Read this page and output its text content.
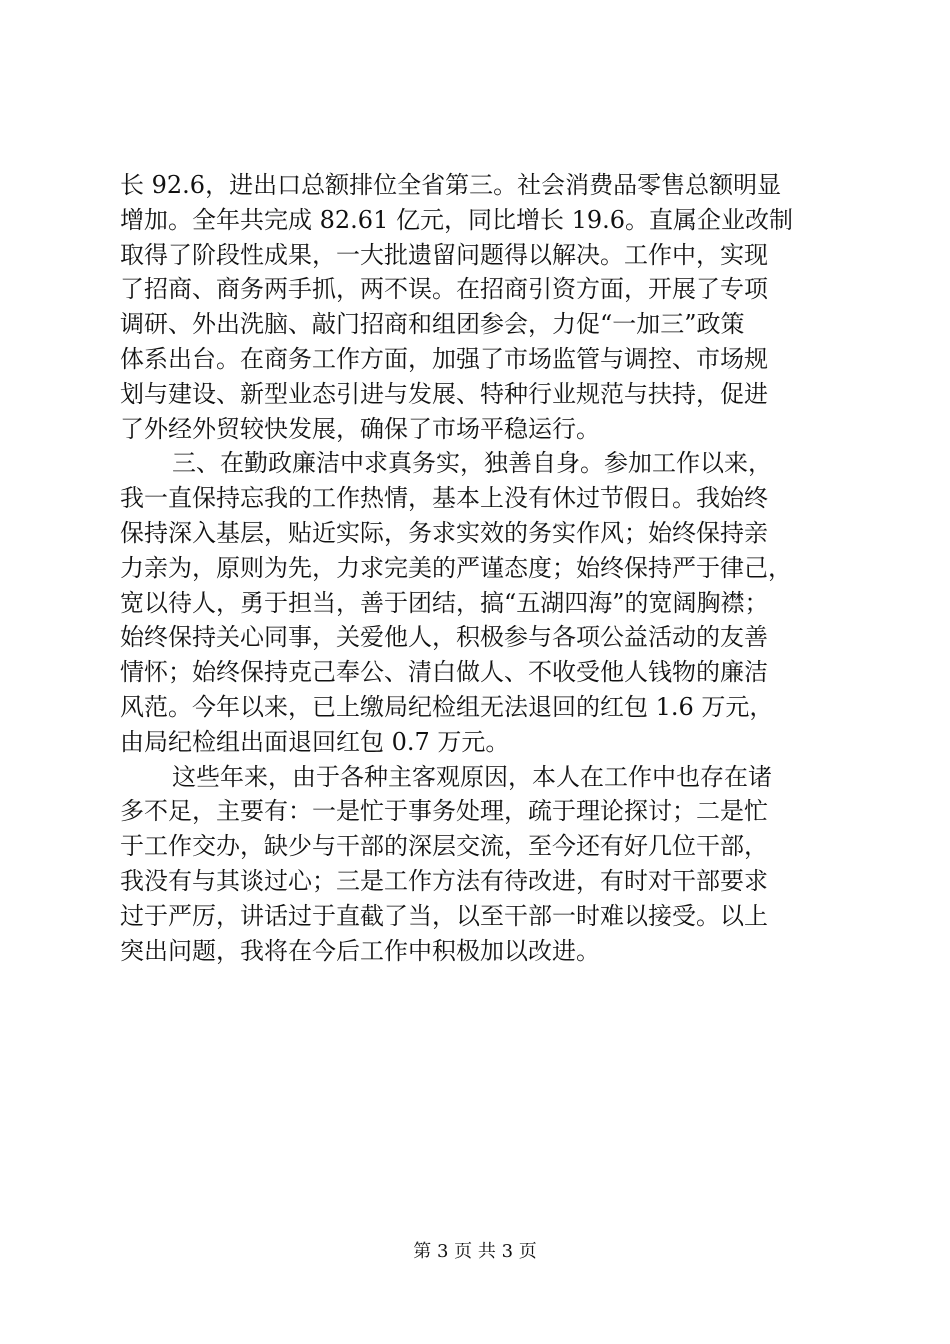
长 92.6，进出口总额排位全省第三。社会消费品零售总额明显
增加。全年共完成 82.61 亿元，同比增长 19.6。直属企业改制
取得了阶段性成果，一大批遗留问题得以解决。工作中，实现
了招商、商务两手抓，两不误。在招商引资方面，开展了专项
调研、外出洗脑、敲门招商和组团参会，力促“一加三”政策
体系出台。在商务工作方面，加强了市场监管与调控、市场规
划与建设、新型业态引进与发展、特种行业规范与扶持，促进
了外经外贸较快发展，确保了市场平稳运行。
三、在勤政廉洁中求真务实，独善自身。参加工作以来，
我一直保持忘我的工作热情，基本上没有休过节假日。我始终
保持深入基层，贴近实际，务求实效的务实作风；始终保持亲
力亲为，原则为先，力求完美的严谨态度；始终保持严于律己，
宽以待人，勇于担当，善于团结，搞“五湖四海”的宽阔胸襟；
始终保持关心同事，关爱他人，积极参与各项公益活动的友善
情怀；始终保持克己奉公、清白做人、不收受他人钱物的廉洁
风范。今年以来，已上缴局纪检组无法退回的红包 1.6 万元，
由局纪检组出面退回红包 0.7 万元。
这些年来，由于各种主客观原因，本人在工作中也存在诸
多不足，主要有：一是忙于事务处理，疏于理论探讨；二是忙
于工作交办，缺少与干部的深层交流，至今还有好几位干部，
我没有与其谈过心；三是工作方法有待改进，有时对干部要求
过于严厉，讲话过于直截了当，以至干部一时难以接受。以上
突出问题，我将在今后工作中积极加以改进。
第 3 页 共 3 页
